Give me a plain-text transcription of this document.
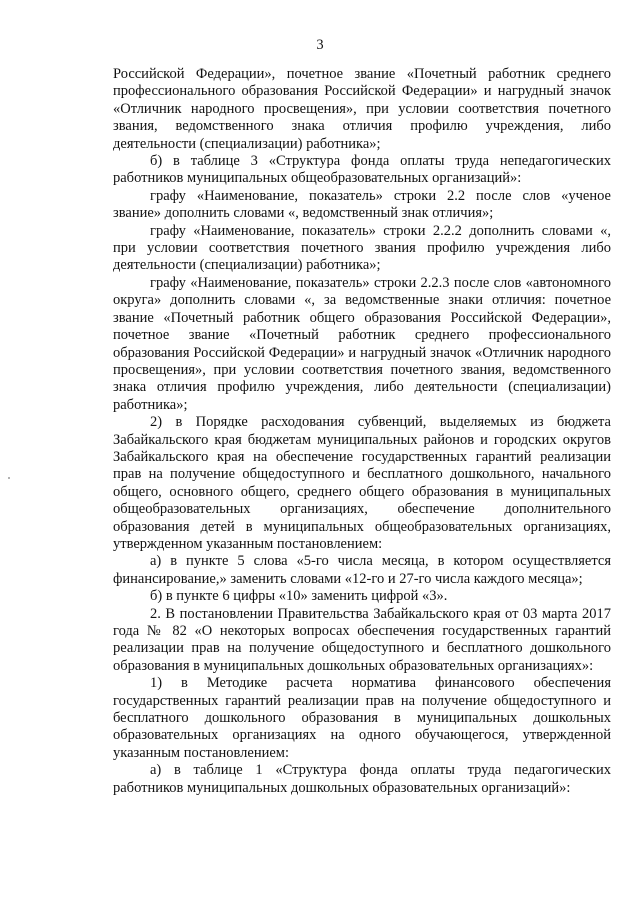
3

Российской Федерации», почетное звание «Почетный работник среднего профессионального образования Российской Федерации» и нагрудный значок «Отличник народного просвещения», при условии соответствия почетного звания, ведомственного знака отличия профилю учреждения, либо деятельности (специализации) работника»;

б) в таблице 3 «Структура фонда оплаты труда непедагогических работников муниципальных общеобразовательных организаций»:

графу «Наименование, показатель» строки 2.2 после слов «ученое звание» дополнить словами «, ведомственный знак отличия»;

графу «Наименование, показатель» строки 2.2.2 дополнить словами «, при условии соответствия почетного звания профилю учреждения либо деятельности (специализации) работника»;

графу «Наименование, показатель» строки 2.2.3 после слов «автономного округа» дополнить словами «, за ведомственные знаки отличия: почетное звание «Почетный работник общего образования Российской Федерации», почетное звание «Почетный работник среднего профессионального образования Российской Федерации» и нагрудный значок «Отличник народного просвещения», при условии соответствия почетного звания, ведомственного знака отличия профилю учреждения, либо деятельности (специализации) работника»;

2) в Порядке расходования субвенций, выделяемых из бюджета Забайкальского края бюджетам муниципальных районов и городских округов Забайкальского края на обеспечение государственных гарантий реализации прав на получение общедоступного и бесплатного дошкольного, начального общего, основного общего, среднего общего образования в муниципальных общеобразовательных организациях, обеспечение дополнительного образования детей в муниципальных общеобразовательных организациях, утвержденном указанным постановлением:

а) в пункте 5 слова «5-го числа месяца, в котором осуществляется финансирование,» заменить словами «12-го и 27-го числа каждого месяца»;

б) в пункте 6 цифры «10» заменить цифрой «3».

2. В постановлении Правительства Забайкальского края от 03 марта 2017 года № 82 «О некоторых вопросах обеспечения государственных гарантий реализации прав на получение общедоступного и бесплатного дошкольного образования в муниципальных дошкольных образовательных организациях»:

1) в Методике расчета норматива финансового обеспечения государственных гарантий реализации прав на получение общедоступного и бесплатного дошкольного образования в муниципальных дошкольных образовательных организациях на одного обучающегося, утвержденной указанным постановлением:

а) в таблице 1 «Структура фонда оплаты труда педагогических работников муниципальных дошкольных образовательных организаций»:
